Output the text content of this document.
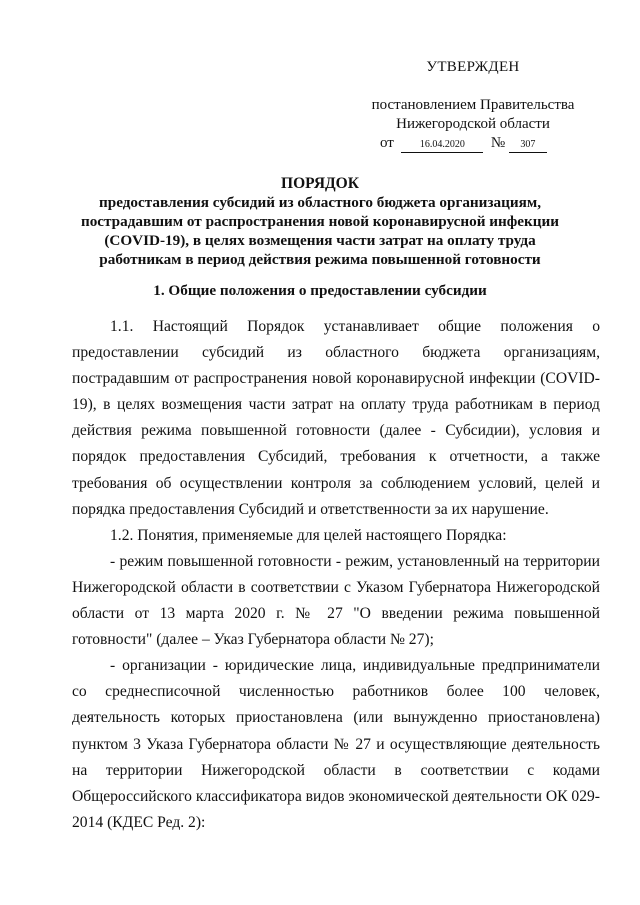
УТВЕРЖДЕН
постановлением Правительства
Нижегородской области
от	16.04.2020 № 307
ПОРЯДОК
предоставления субсидий из областного бюджета организациям, пострадавшим от распространения новой коронавирусной инфекции (COVID-19), в целях возмещения части затрат на оплату труда работникам в период действия режима повышенной готовности
1. Общие положения о предоставлении субсидии

1.1. Настоящий Порядок устанавливает общие положения о предоставлении субсидий из областного бюджета организациям, пострадавшим от распространения новой коронавирусной инфекции (COVID-19), в целях возмещения части затрат на оплату труда работникам в период действия режима повышенной готовности (далее - Субсидии), условия и порядок предоставления Субсидий, требования к отчетности, а также требования об осуществлении контроля за соблюдением условий, целей и порядка предоставления Субсидий и ответственности за их нарушение.

1.2. Понятия, применяемые для целей настоящего Порядка:

- режим повышенной готовности - режим, установленный на территории Нижегородской области в соответствии с Указом Губернатора Нижегородской области от 13 марта 2020 г. № 27 "О введении режима повышенной готовности" (далее – Указ Губернатора области № 27);

- организации - юридические лица, индивидуальные предприниматели со среднесписочной численностью работников более 100 человек, деятельность которых приостановлена (или вынужденно приостановлена) пунктом 3 Указа Губернатора области № 27 и осуществляющие деятельность на территории Нижегородской области в соответствии с кодами Общероссийского классификатора видов экономической деятельности ОК 029-2014 (КДЕС Ред. 2):
